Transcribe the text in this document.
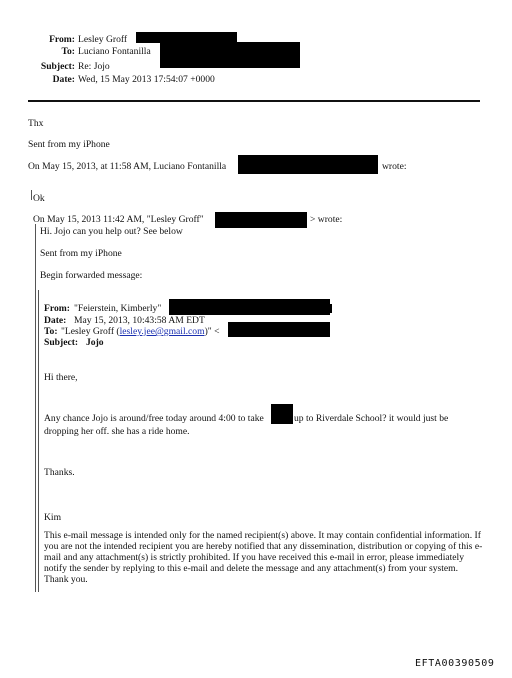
From: Lesley Groff
To: Luciano Fontanilla
Subject: Re: Jojo
Date: Wed, 15 May 2013 17:54:07 +0000
Thx
Sent from my iPhone
On May 15, 2013, at 11:58 AM, Luciano Fontanilla	wrote:
Ok
On May 15, 2013 11:42 AM, "Lesley Groff"	> wrote:
Hi. Jojo can you help out? See below
Sent from my iPhone
Begin forwarded message:
From: "Feierstein, Kimberly"
Date: May 15, 2013, 10:43:58 AM EDT
To: "Lesley Groff (lesley.jee@gmail.com)" <
Subject: Jojo
Hi there,
Any chance Jojo is around/free today around 4:00 to take	up to Riverdale School? it would just be
dropping her off. she has a ride home.
Thanks.
Kim
This e-mail message is intended only for the named recipient(s) above. It may contain confidential information. If you are not the intended recipient you are hereby notified that any dissemination, distribution or copying of this e-mail and any attachment(s) is strictly prohibited. If you have received this e-mail in error, please immediately notify the sender by replying to this e-mail and delete the message and any attachment(s) from your system. Thank you.
EFTA00390509
